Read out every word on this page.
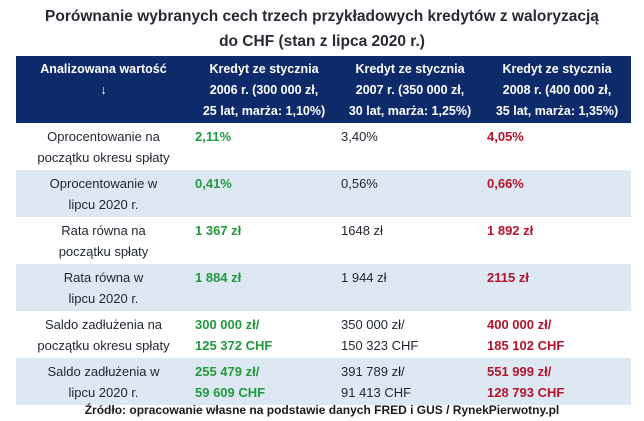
Porównanie wybranych cech trzech przykładowych kredytów z waloryzacją
do CHF (stan z lipca 2020 r.)
Analizowana wartość
↓	Kredyt ze stycznia
2006 r. (300 000 zł,
25 lat, marża: 1,10%)	Kredyt ze stycznia
2007 r. (350 000 zł,
30 lat, marża: 1,25%)	Kredyt ze stycznia
2008 r. (400 000 zł,
35 lat, marża: 1,35%)

Oprocentowanie na
początku okresu spłaty	2,11%	3,40%	4,05%

Oprocentowanie w
lipcu 2020 r.	0,41%	0,56%	0,66%

Rata równa na
początku spłaty	1 367 zł	1648 zł	1 892 zł

Rata równa w
lipcu 2020 r.	1 884 zł	1 944 zł	2115 zł

Saldo zadłużenia na
początku okresu spłaty	300 000 zł/
125 372 CHF	350 000 zł/
150 323 CHF	400 000 zł/
185 102 CHF

Saldo zadłużenia w
lipcu 2020 r.	255 479 zł/
59 609 CHF	391 789 zł/
91 413 CHF	551 999 zł/
128 793 CHF
Źródło: opracowanie własne na podstawie danych FRED i GUS / RynekPierwotny.pl
